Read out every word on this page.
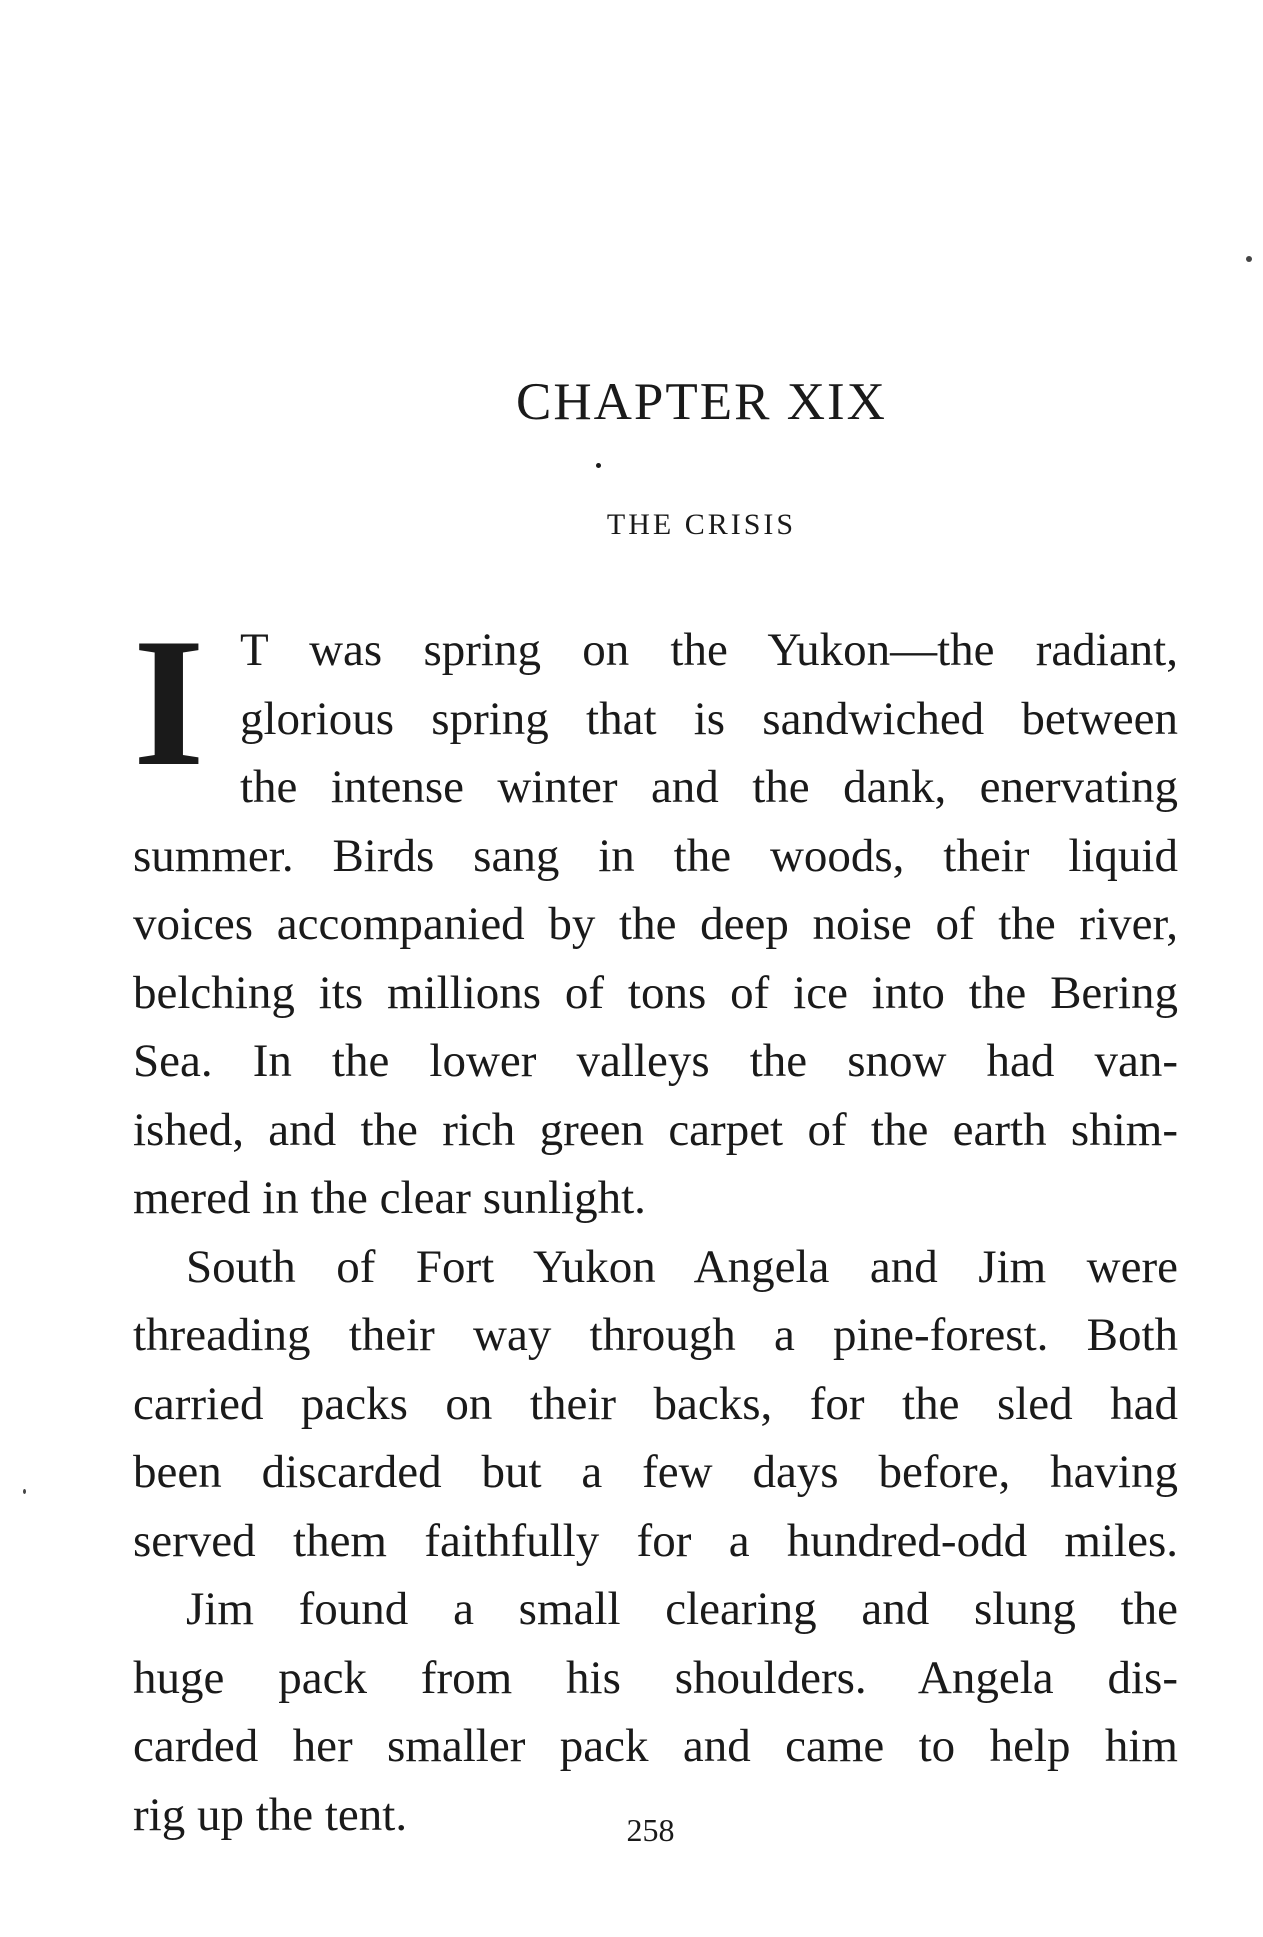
CHAPTER XIX
THE CRISIS
I T was spring on the Yukon—the radiant,
glorious spring that is sandwiched between
the intense winter and the dank, enervating
summer. Birds sang in the woods, their liquid
voices accompanied by the deep noise of the river,
belching its millions of tons of ice into the Bering
Sea. In the lower valleys the snow had van-
ished, and the rich green carpet of the earth shim-
mered in the clear sunlight.
South of Fort Yukon Angela and Jim were
threading their way through a pine-forest. Both
carried packs on their backs, for the sled had
been discarded but a few days before, having
served them faithfully for a hundred-odd miles.
Jim found a small clearing and slung the
huge pack from his shoulders. Angela dis-
carded her smaller pack and came to help him
rig up the tent.	258
